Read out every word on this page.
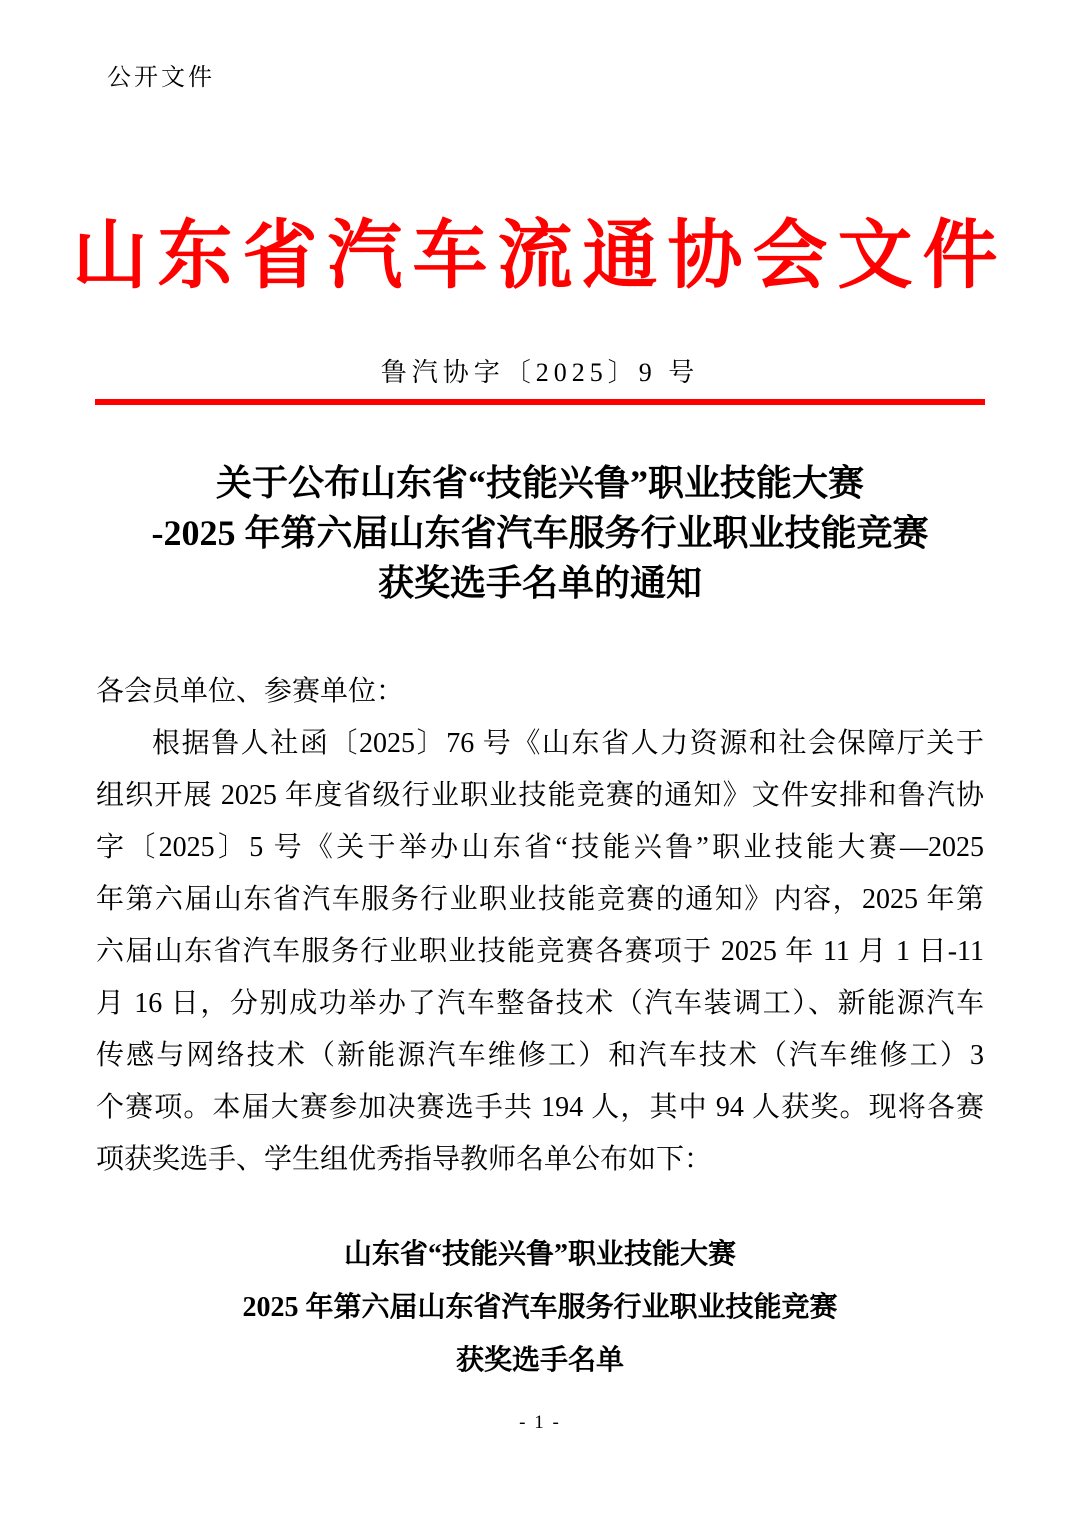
公开文件
山东省汽车流通协会文件
鲁汽协字〔2025〕9 号
关于公布山东省“技能兴鲁”职业技能大赛
-2025 年第六届山东省汽车服务行业职业技能竞赛
获奖选手名单的通知
各会员单位、参赛单位：
根据鲁人社函〔2025〕76 号《山东省人力资源和社会保障厅关于
组织开展 2025 年度省级行业职业技能竞赛的通知》文件安排和鲁汽协
字〔2025〕5 号《关于举办山东省“技能兴鲁”职业技能大赛—2025
年第六届山东省汽车服务行业职业技能竞赛的通知》内容，2025 年第
六届山东省汽车服务行业职业技能竞赛各赛项于 2025 年 11 月 1 日-11
月 16 日，分别成功举办了汽车整备技术（汽车装调工）、新能源汽车
传感与网络技术（新能源汽车维修工）和汽车技术（汽车维修工）3
个赛项。本届大赛参加决赛选手共 194 人，其中 94 人获奖。现将各赛
项获奖选手、学生组优秀指导教师名单公布如下：
山东省“技能兴鲁”职业技能大赛
2025 年第六届山东省汽车服务行业职业技能竞赛
获奖选手名单
- 1 -
